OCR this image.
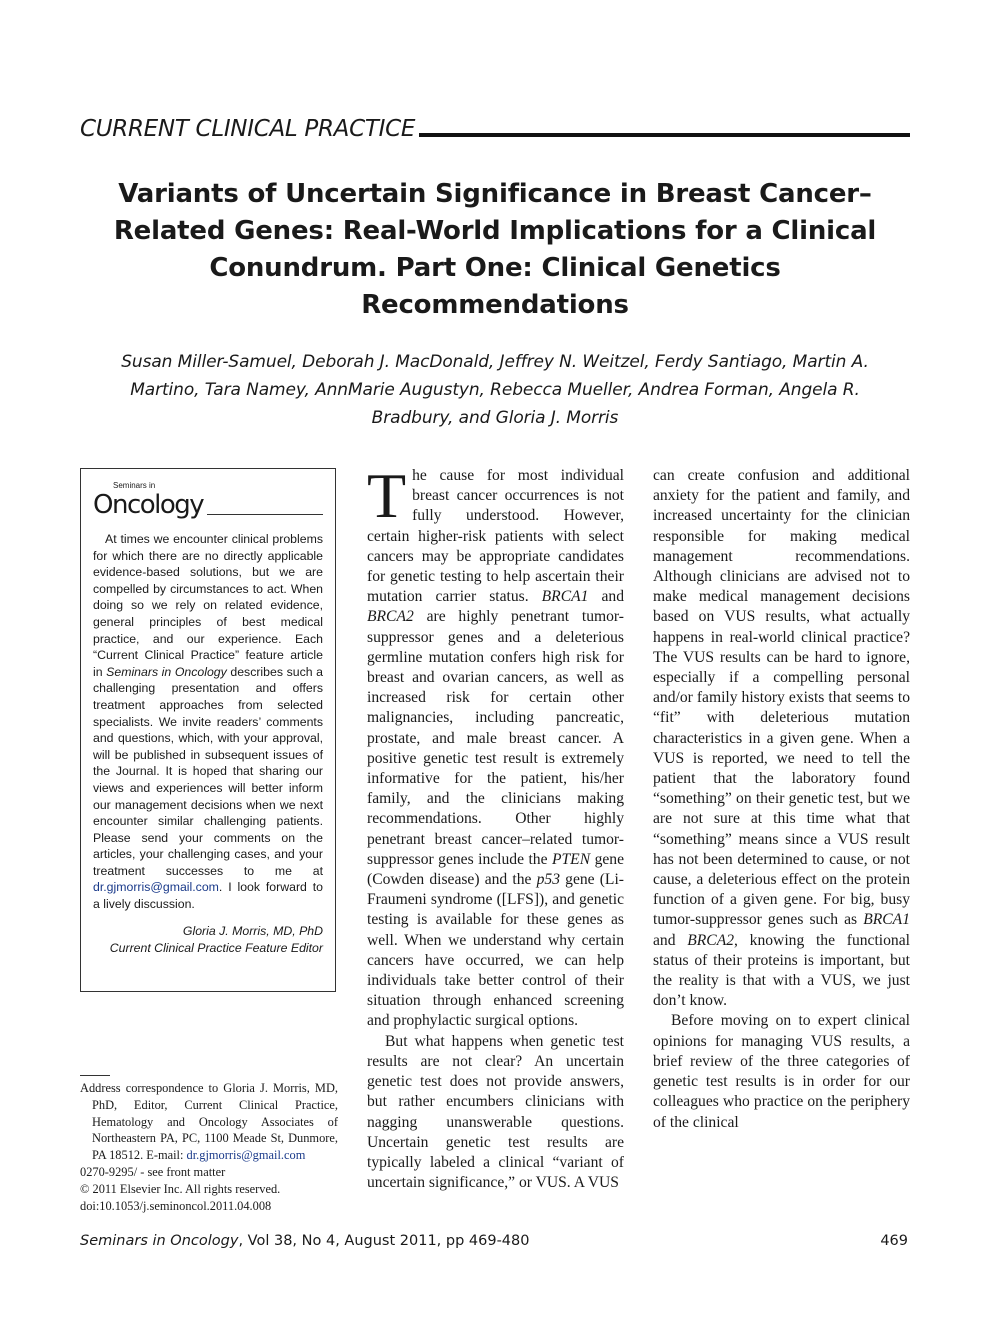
CURRENT CLINICAL PRACTICE
Variants of Uncertain Significance in Breast Cancer–Related Genes: Real-World Implications for a Clinical Conundrum. Part One: Clinical Genetics Recommendations

Susan Miller-Samuel, Deborah J. MacDonald, Jeffrey N. Weitzel, Ferdy Santiago, Martin A. Martino, Tara Namey, AnnMarie Augustyn, Rebecca Mueller, Andrea Forman, Angela R. Bradbury, and Gloria J. Morris

Seminars in
Oncology

At times we encounter clinical problems for which there are no directly applicable evidence-based solutions, but we are compelled by circumstances to act. When doing so we rely on related evidence, general principles of best medical practice, and our experience. Each “Current Clinical Practice” feature article in Seminars in Oncology describes such a challenging presentation and offers treatment approaches from selected specialists. We invite readers’ comments and questions, which, with your approval, will be published in subsequent issues of the Journal. It is hoped that sharing our views and experiences will better inform our management decisions when we next encounter similar challenging patients. Please send your comments on the articles, your challenging cases, and your treatment successes to me at dr.gjmorris@gmail.com. I look forward to a lively discussion.

Gloria J. Morris, MD, PhD
Current Clinical Practice Feature Editor

Address correspondence to Gloria J. Morris, MD, PhD, Editor, Current Clinical Practice, Hematology and Oncology Associates of Northeastern PA, PC, 1100 Meade St, Dunmore, PA 18512. E-mail: dr.gjmorris@gmail.com

0270-9295/ - see front matter

© 2011 Elsevier Inc. All rights reserved.

doi:10.1053/j.seminoncol.2011.04.008

The cause for most individual breast cancer occurrences is not fully understood. However, certain higher-risk patients with select cancers may be appropriate candidates for genetic testing to help ascertain their mutation carrier status. BRCA1 and BRCA2 are highly penetrant tumor-suppressor genes and a deleterious germline mutation confers high risk for breast and ovarian cancers, as well as increased risk for certain other malignancies, including pancreatic, prostate, and male breast cancer. A positive genetic test result is extremely informative for the patient, his/her family, and the clinicians making recommendations. Other highly penetrant breast cancer–related tumor-suppressor genes include the PTEN gene (Cowden disease) and the p53 gene (Li-Fraumeni syndrome ([LFS]), and genetic testing is available for these genes as well. When we understand why certain cancers have occurred, we can help individuals take better control of their situation through enhanced screening and prophylactic surgical options.

But what happens when genetic test results are not clear? An uncertain genetic test does not provide answers, but rather encumbers clinicians with nagging unanswerable questions. Uncertain genetic test results are typically labeled a clinical “variant of uncertain significance,” or VUS. A VUS

can create confusion and additional anxiety for the patient and family, and increased uncertainty for the clinician responsible for making medical management recommendations. Although clinicians are advised not to make medical management decisions based on VUS results, what actually happens in real-world clinical practice? The VUS results can be hard to ignore, especially if a compelling personal and/or family history exists that seems to “fit” with deleterious mutation characteristics in a given gene. When a VUS is reported, we need to tell the patient that the laboratory found “something” on their genetic test, but we are not sure at this time what that “something” means since a VUS result has not been determined to cause, or not cause, a deleterious effect on the protein function of a given gene. For big, busy tumor-suppressor genes such as BRCA1 and BRCA2, knowing the functional status of their proteins is important, but the reality is that with a VUS, we just don’t know.

Before moving on to expert clinical opinions for managing VUS results, a brief review of the three categories of genetic test results is in order for our colleagues who practice on the periphery of the clinical

Seminars in Oncology, Vol 38, No 4, August 2011, pp 469-480	469
